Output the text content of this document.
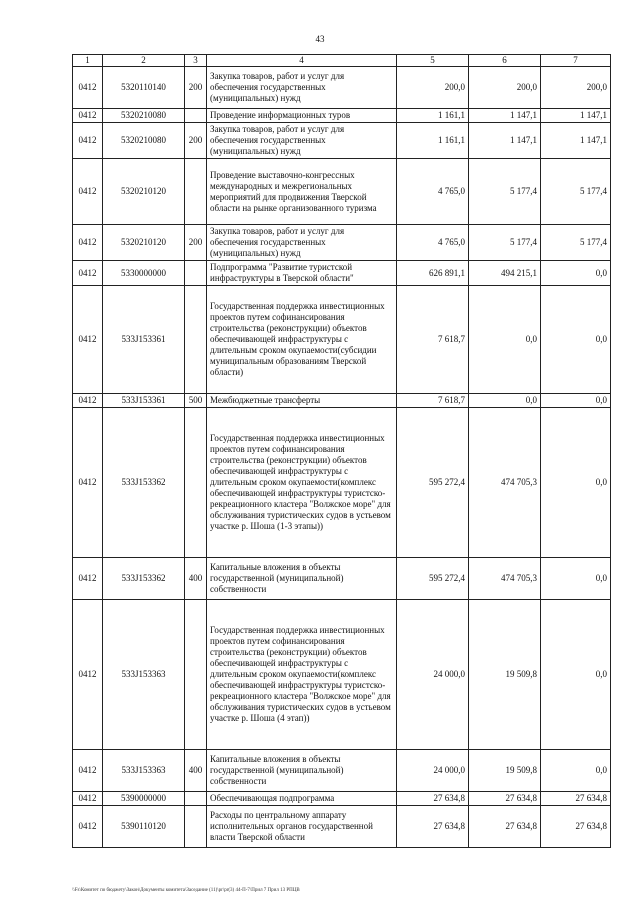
43
1	2	3	4	5	6	7
0412	5320110140	200	Закупка товаров, работ и услуг для обеспечения государственных (муниципальных) нужд	200,0	200,0	200,0
0412	5320210080		Проведение информационных туров	1 161,1	1 147,1	1 147,1
0412	5320210080	200	Закупка товаров, работ и услуг для обеспечения государственных (муниципальных) нужд	1 161,1	1 147,1	1 147,1
0412	5320210120		Проведение выставочно-конгрессных международных и межрегиональных мероприятий для продвижения Тверской области на рынке организованного туризма	4 765,0	5 177,4	5 177,4
0412	5320210120	200	Закупка товаров, работ и услуг для обеспечения государственных (муниципальных) нужд	4 765,0	5 177,4	5 177,4
0412	5330000000		Подпрограмма "Развитие туристской инфраструктуры в Тверской области"	626 891,1	494 215,1	0,0
0412	533J153361		Государственная поддержка инвестиционных проектов путем софинансирования строительства (реконструкции) объектов обеспечивающей инфраструктуры с длительным сроком окупаемости(субсидии муниципальным образованиям Тверской области)	7 618,7	0,0	0,0
0412	533J153361	500	Межбюджетные трансферты	7 618,7	0,0	0,0
0412	533J153362		Государственная поддержка инвестиционных проектов путем софинансирования строительства (реконструкции) объектов обеспечивающей инфраструктуры с длительным сроком окупаемости(комплекс обеспечивающей инфраструктуры туристско-рекреационного кластера "Волжское море" для обслуживания туристических судов в устьевом участке р. Шоша (1-3 этапы))	595 272,4	474 705,3	0,0
0412	533J153362	400	Капитальные вложения в объекты государственной (муниципальной) собственности	595 272,4	474 705,3	0,0
0412	533J153363		Государственная поддержка инвестиционных проектов путем софинансирования строительства (реконструкции) объектов обеспечивающей инфраструктуры с длительным сроком окупаемости(комплекс обеспечивающей инфраструктуры туристско-рекреационного кластера "Волжское море" для обслуживания туристических судов в устьевом участке р. Шоша (4 этап))	24 000,0	19 509,8	0,0
0412	533J153363	400	Капитальные вложения в объекты государственной (муниципальной) собственности	24 000,0	19 509,8	0,0
0412	5390000000		Обеспечивающая подпрограмма	27 634,8	27 634,8	27 634,8
0412	5390110120		Расходы по центральному аппарату исполнительных органов государственной власти Тверской области	27 634,8	27 634,8	27 634,8
\\Fs\Комитет по бюджету\Закон\Документы комитета\Заседание (11)\pr\pr(3) 44-П-7\Прил 7 Прил 13 РПЦВ
